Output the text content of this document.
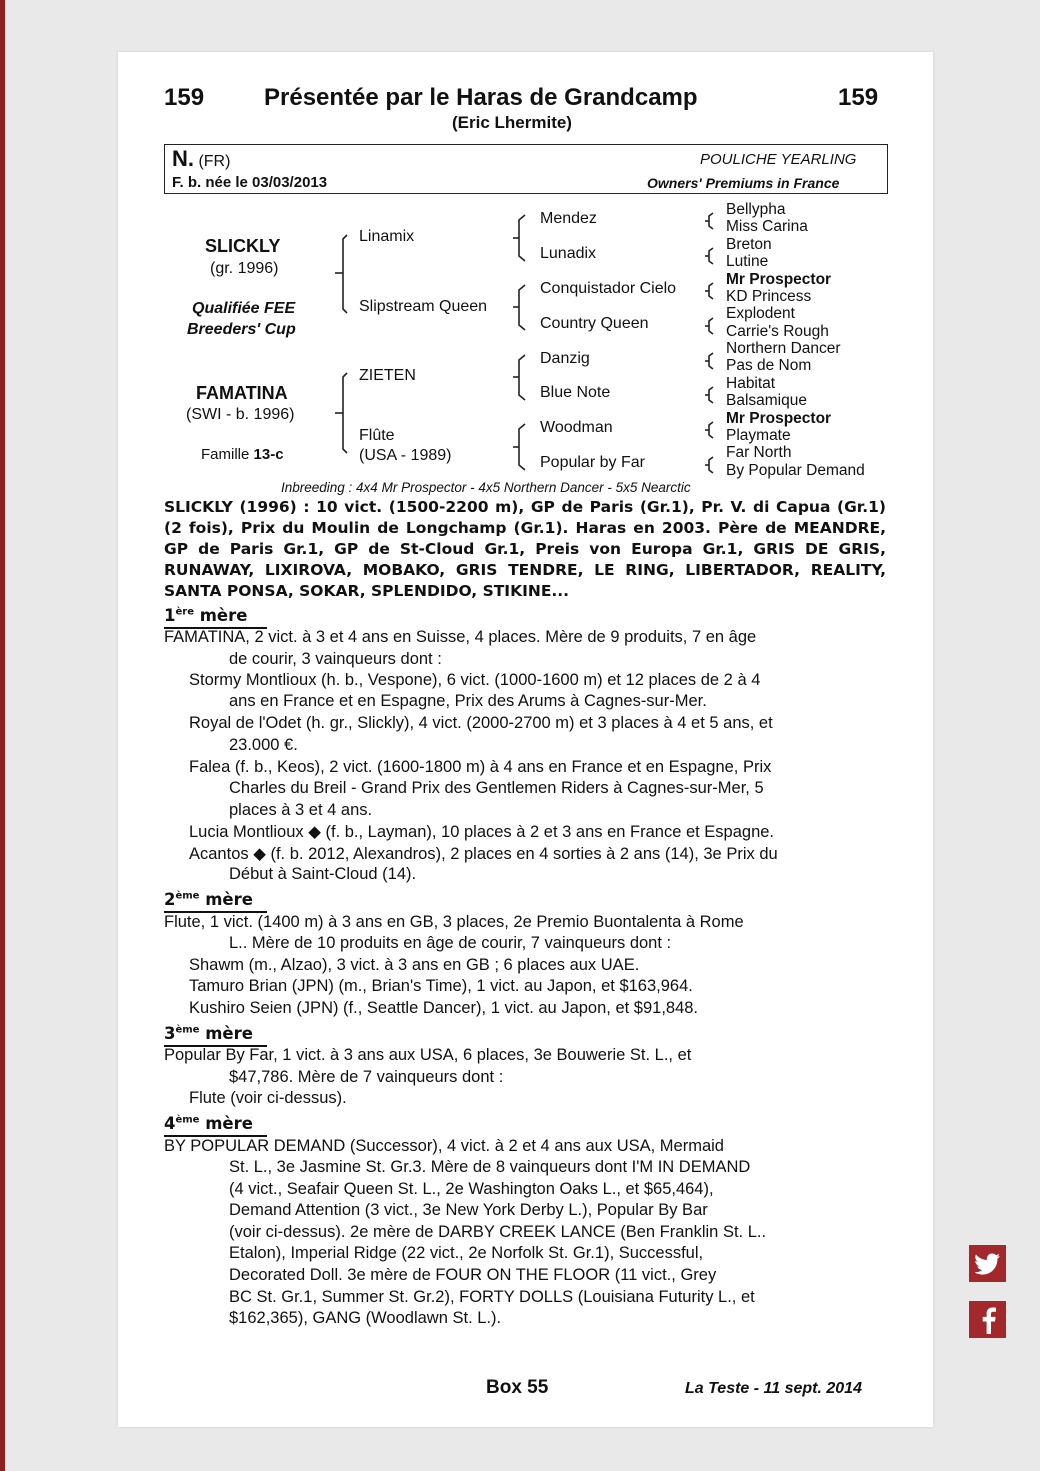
159 Présentée par le Haras de Grandcamp	159
(Eric Lhermite)
N. (FR)	POULICHE YEARLING
F. b. née le 03/03/2013	Owners' Premiums in France
SLICKLY
(gr. 1996)
Qualifiée FEE
Breeders' Cup
FAMATINA
(SWI - b. 1996)
Famille 13-c
Linamix
Slipstream Queen
ZIETEN
Flûte
(USA - 1989)
Mendez
Lunadix
Conquistador Cielo
Country Queen
Danzig
Blue Note
Woodman
Popular by Far
Bellypha
Miss Carina
Breton
Lutine
Mr Prospector
KD Princess
Explodent
Carrie's Rough
Northern Dancer
Pas de Nom
Habitat
Balsamique
Mr Prospector
Playmate
Far North
By Popular Demand
Inbreeding : 4x4 Mr Prospector - 4x5 Northern Dancer - 5x5 Nearctic
SLICKLY (1996) : 10 vict. (1500-2200 m), GP de Paris (Gr.1), Pr. V. di Capua (Gr.1) (2 fois), Prix du Moulin de Longchamp (Gr.1). Haras en 2003. Père de MEANDRE, GP de Paris Gr.1, GP de St-Cloud Gr.1, Preis von Europa Gr.1, GRIS DE GRIS, RUNAWAY, LIXIROVA, MOBAKO, GRIS TENDRE, LE RING, LIBERTADOR, REALITY, SANTA PONSA, SOKAR, SPLENDIDO, STIKINE...
1ère mère
FAMATINA, 2 vict. à 3 et 4 ans en Suisse, 4 places. Mère de 9 produits, 7 en âge
de courir, 3 vainqueurs dont :
Stormy Montlioux (h. b., Vespone), 6 vict. (1000-1600 m) et 12 places de 2 à 4
ans en France et en Espagne, Prix des Arums à Cagnes-sur-Mer.
Royal de l'Odet (h. gr., Slickly), 4 vict. (2000-2700 m) et 3 places à 4 et 5 ans, et
23.000 €.
Falea (f. b., Keos), 2 vict. (1600-1800 m) à 4 ans en France et en Espagne, Prix
Charles du Breil - Grand Prix des Gentlemen Riders à Cagnes-sur-Mer, 5
places à 3 et 4 ans.
Lucia Montlioux ◆ (f. b., Layman), 10 places à 2 et 3 ans en France et Espagne.
Acantos ◆ (f. b. 2012, Alexandros), 2 places en 4 sorties à 2 ans (14), 3e Prix du
Début à Saint-Cloud (14).
2ème mère
Flute, 1 vict. (1400 m) à 3 ans en GB, 3 places, 2e Premio Buontalenta à Rome
L.. Mère de 10 produits en âge de courir, 7 vainqueurs dont :
Shawm (m., Alzao), 3 vict. à 3 ans en GB ; 6 places aux UAE.
Tamuro Brian (JPN) (m., Brian's Time), 1 vict. au Japon, et $163,964.
Kushiro Seien (JPN) (f., Seattle Dancer), 1 vict. au Japon, et $91,848.
3ème mère
Popular By Far, 1 vict. à 3 ans aux USA, 6 places, 3e Bouwerie St. L., et
$47,786. Mère de 7 vainqueurs dont :
Flute (voir ci-dessus).
4ème mère
BY POPULAR DEMAND (Successor), 4 vict. à 2 et 4 ans aux USA, Mermaid
St. L., 3e Jasmine St. Gr.3. Mère de 8 vainqueurs dont I'M IN DEMAND
(4 vict., Seafair Queen St. L., 2e Washington Oaks L., et $65,464),
Demand Attention (3 vict., 3e New York Derby L.), Popular By Bar
(voir ci-dessus). 2e mère de DARBY CREEK LANCE (Ben Franklin St. L..
Etalon), Imperial Ridge (22 vict., 2e Norfolk St. Gr.1), Successful,
Decorated Doll. 3e mère de FOUR ON THE FLOOR (11 vict., Grey
BC St. Gr.1, Summer St. Gr.2), FORTY DOLLS (Louisiana Futurity L., et
$162,365), GANG (Woodlawn St. L.).
Box 55	La Teste - 11 sept. 2014
